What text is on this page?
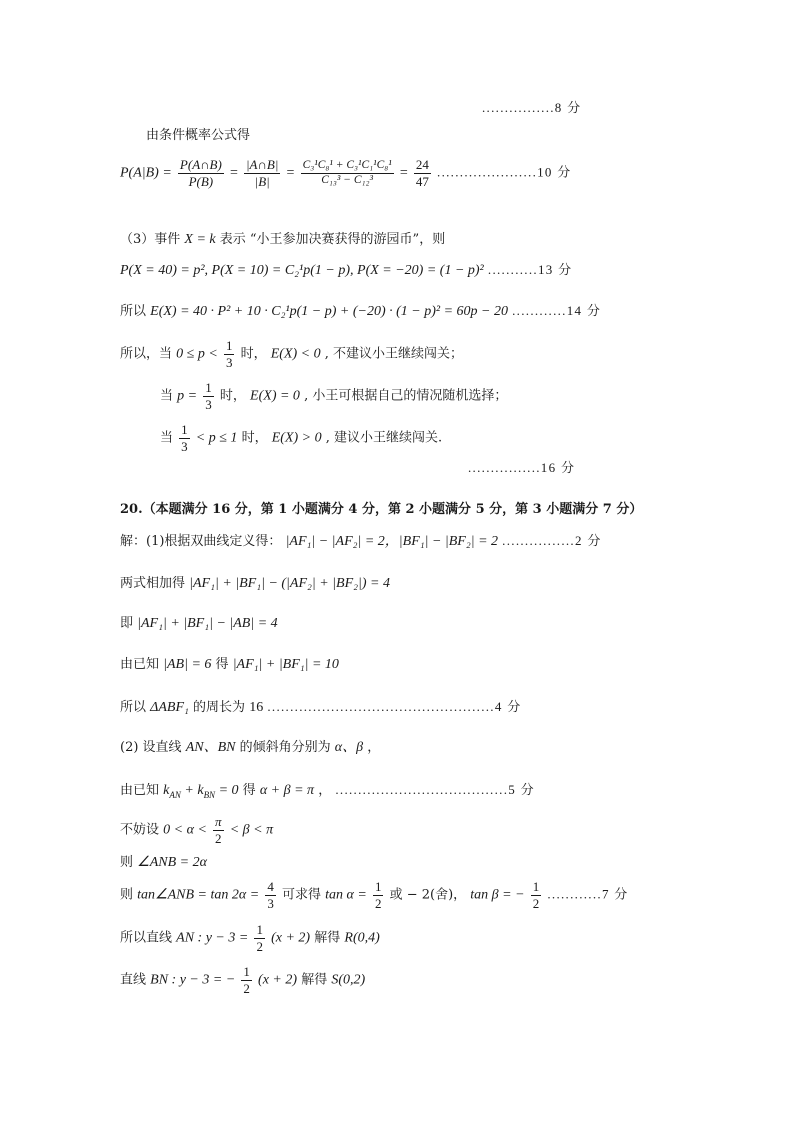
................8 分
由条件概率公式得
$P(A|B) = \frac{P(A\cap B)}{P(B)} = \frac{|A\cap B|}{|B|} = \frac{\text{C₃¹C₈¹ + C₃¹C₁¹C₈¹}}{\text{C₁₃³ − C₁₂³}} = \frac{24}{47} ......................10$ 分
（3）事件 X = k 表示 “小王参加决赛获得的游园币”，则
P(X = 40) = p², P(X = 10) = C₂¹p(1 − p), P(X = −20) = (1 − p)² ...........13 分
所以 E(X) = 40 · P² + 10 · C₂¹p(1 − p) + (−20) · (1 − p)² = 60p − 20 ............14 分
所以，当 $0 \le p < \frac{1}{3}$ 时， E(X) < 0 , 不建议小王继续闯关；
当 $p = \frac{1}{3}$ 时， E(X) = 0 , 小王可根据自己的情况随机选择；
当 $\frac{1}{3} < p \le 1$ 时， E(X) > 0 , 建议小王继续闯关.
................16 分
20.（本题满分 16 分，第 1 小题满分 4 分，第 2 小题满分 5 分，第 3 小题满分 7 分）
解：(1)根据双曲线定义得： |AF₁| − |AF₂| = 2，|BF₁| − |BF₂| = 2 ................2 分
两式相加得 |AF₁| + |BF₁| − (|AF₂| + |BF₂|) = 4
即 |AF₁| + |BF₁| − |AB| = 4
由已知 |AB| = 6 得 |AF₁| + |BF₁| = 10
所以 ΔABF₁ 的周长为 16 ..................................................4 分
(2) 设直线 AN、BN 的倾斜角分别为 α、β ，
由已知 $k_{AN} + k_{BN} = 0$ 得 α + β = π ， ......................................5 分
不妨设 $0 < \alpha < \frac{\pi}{2} < \beta < \pi$
则 ∠ANB = 2α
则 tan∠ANB = $\tan 2\alpha = \frac{4}{3}$ 可求得 $\tan \alpha = \frac{1}{2}$ 或 − 2(舍)， tan β = − $\frac{1}{2} ............7$ 分
所以直线 AN : $y - 3 = \frac{1}{2} (x + 2)$ 解得 R(0,4)
直线 BN : y − 3 = − $\frac{1}{2} (x + 2)$ 解得 S(0,2)
